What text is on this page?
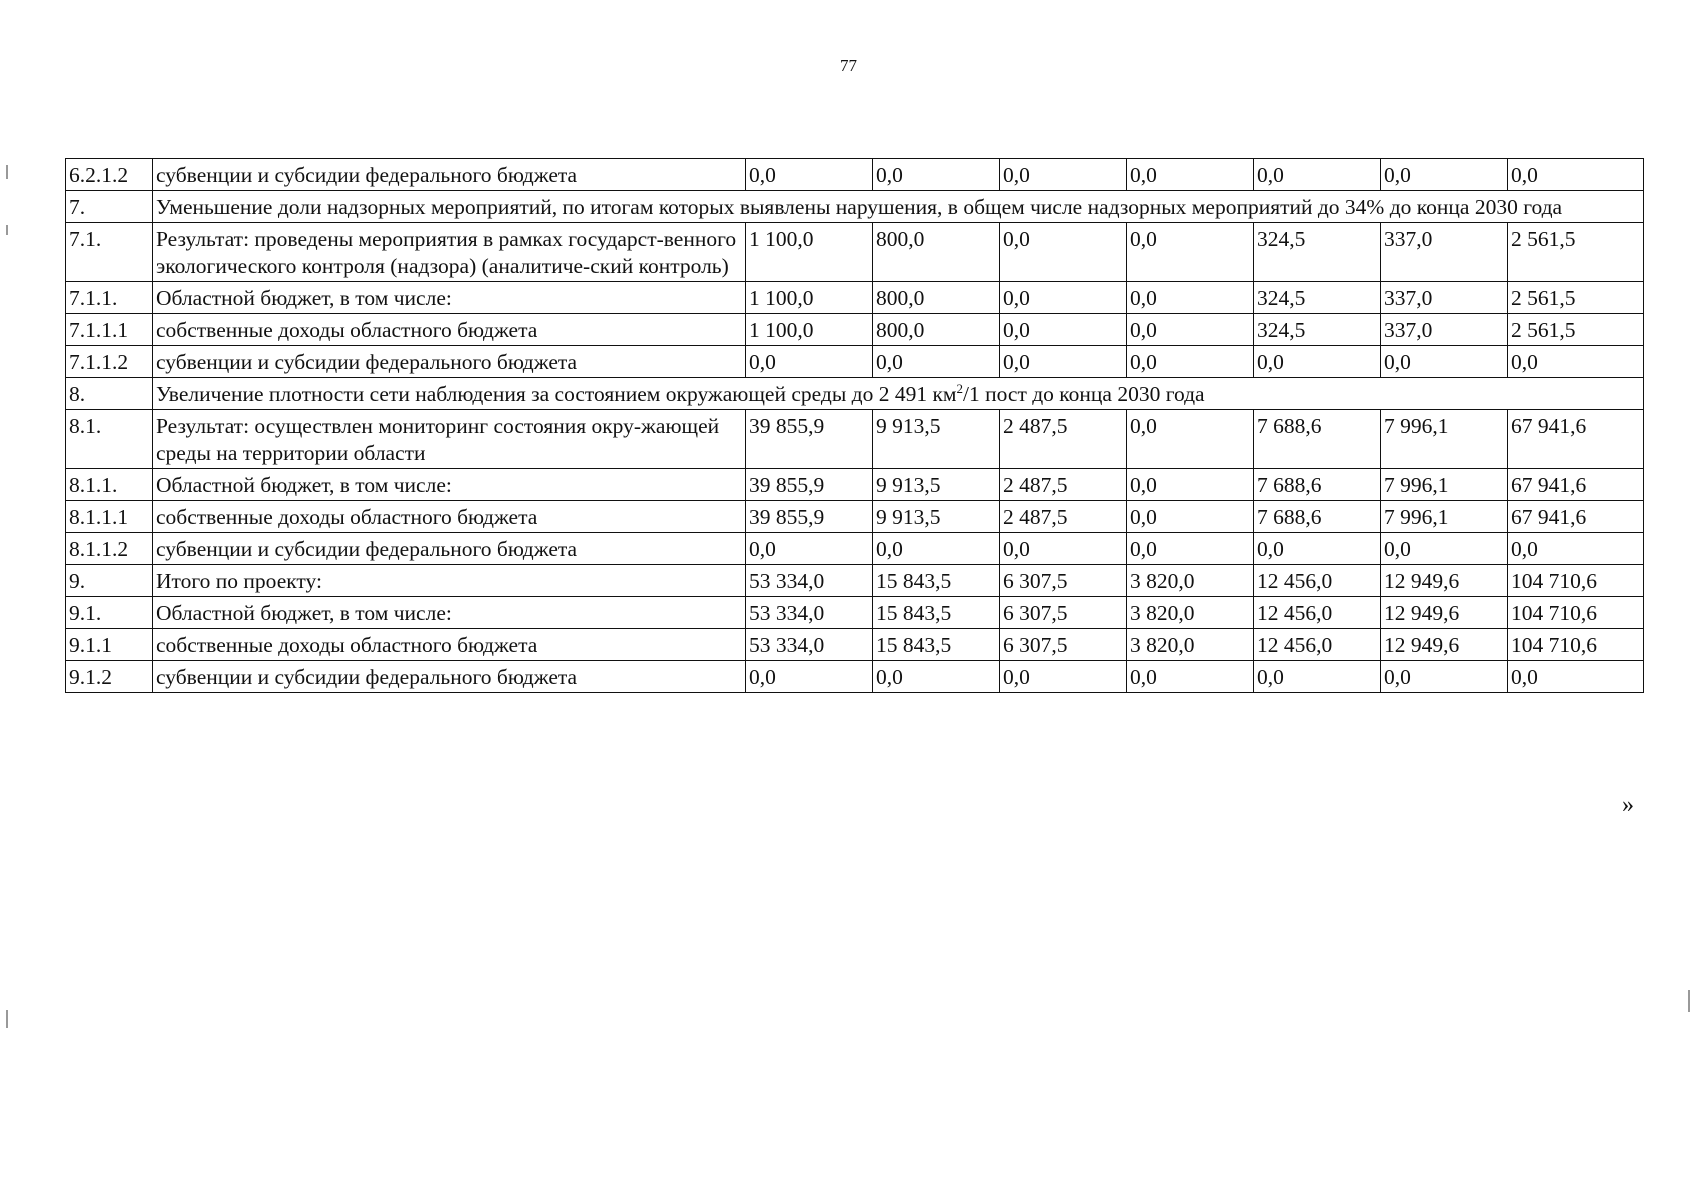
77
6.2.1.2	субвенции и субсидии федерального бюджета	0,0	0,0	0,0	0,0	0,0	0,0	0,0
7.	Уменьшение доли надзорных мероприятий, по итогам которых выявлены нарушения, в общем числе надзорных мероприятий до 34% до конца 2030 года							
7.1.	Результат: проведены мероприятия в рамках государст-венного экологического контроля (надзора) (аналитиче-ский контроль)	1 100,0	800,0	0,0	0,0	324,5	337,0	2 561,5
7.1.1.	Областной бюджет, в том числе:	1 100,0	800,0	0,0	0,0	324,5	337,0	2 561,5
7.1.1.1	собственные доходы областного бюджета	1 100,0	800,0	0,0	0,0	324,5	337,0	2 561,5
7.1.1.2	субвенции и субсидии федерального бюджета	0,0	0,0	0,0	0,0	0,0	0,0	0,0
8.	Увеличение плотности сети наблюдения за состоянием окружающей среды до 2 491 $км^2/1$ пост до конца 2030 года							
8.1.	Результат: осуществлен мониторинг состояния окру-жающей среды на территории области	39 855,9	9 913,5	2 487,5	0,0	7 688,6	7 996,1	67 941,6
8.1.1.	Областной бюджет, в том числе:	39 855,9	9 913,5	2 487,5	0,0	7 688,6	7 996,1	67 941,6
8.1.1.1	собственные доходы областного бюджета	39 855,9	9 913,5	2 487,5	0,0	7 688,6	7 996,1	67 941,6
8.1.1.2	субвенции и субсидии федерального бюджета	0,0	0,0	0,0	0,0	0,0	0,0	0,0
9.	Итого по проекту:	53 334,0	15 843,5	6 307,5	3 820,0	12 456,0	12 949,6	104 710,6
9.1.	Областной бюджет, в том числе:	53 334,0	15 843,5	6 307,5	3 820,0	12 456,0	12 949,6	104 710,6
9.1.1	собственные доходы областного бюджета	53 334,0	15 843,5	6 307,5	3 820,0	12 456,0	12 949,6	104 710,6
9.1.2	субвенции и субсидии федерального бюджета	0,0	0,0	0,0	0,0	0,0	0,0	0,0
»
